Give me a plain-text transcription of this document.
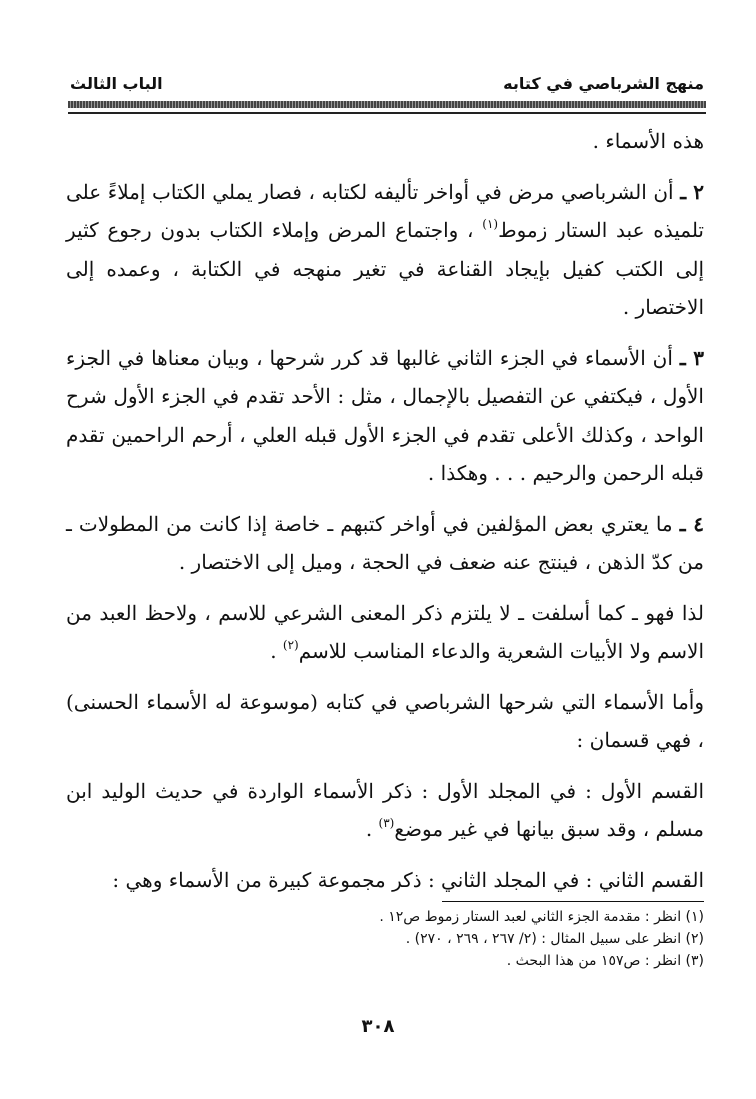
منهج الشرباصي في كتابه
الباب الثالث

هذه الأسماء .

٢ ـ أن الشرباصي مرض في أواخر تأليفه لكتابه ، فصار يملي الكتاب إملاءً على تلميذه عبد الستار زموط$^{(١)}$ ، واجتماع المرض وإملاء الكتاب بدون رجوع كثير إلى الكتب كفيل بإيجاد القناعة في تغير منهجه في الكتابة ، وعمده إلى الاختصار .

٣ ـ أن الأسماء في الجزء الثاني غالبها قد كرر شرحها ، وبيان معناها في الجزء الأول ، فيكتفي عن التفصيل بالإجمال ، مثل : الأحد تقدم في الجزء الأول شرح الواحد ، وكذلك الأعلى تقدم في الجزء الأول قبله العلي ، أرحم الراحمين تقدم قبله الرحمن والرحيم . . . وهكذا .

٤ ـ ما يعتري بعض المؤلفين في أواخر كتبهم ـ خاصة إذا كانت من المطولات ـ من كدّ الذهن ، فينتج عنه ضعف في الحجة ، وميل إلى الاختصار .

لذا فهو ـ كما أسلفت ـ لا يلتزم ذكر المعنى الشرعي للاسم ، ولاحظ العبد من الاسم ولا الأبيات الشعرية والدعاء المناسب للاسم$^{(٢)}$ .

وأما الأسماء التي شرحها الشرباصي في كتابه (موسوعة له الأسماء الحسنى) ، فهي قسمان :

القسم الأول : في المجلد الأول : ذكر الأسماء الواردة في حديث الوليد ابن مسلم ، وقد سبق بيانها في غير موضع$^{(٣)}$ .

القسم الثاني : في المجلد الثاني : ذكر مجموعة كبيرة من الأسماء وهي :

(١) انظر : مقدمة الجزء الثاني لعبد الستار زموط ص١٢ .
(٢) انظر على سبيل المثال : (٢/ ٢٦٧ ، ٢٦٩ ، ٢٧٠) .
(٣) انظر : ص١٥٧ من هذا البحث .
٣٠٨
